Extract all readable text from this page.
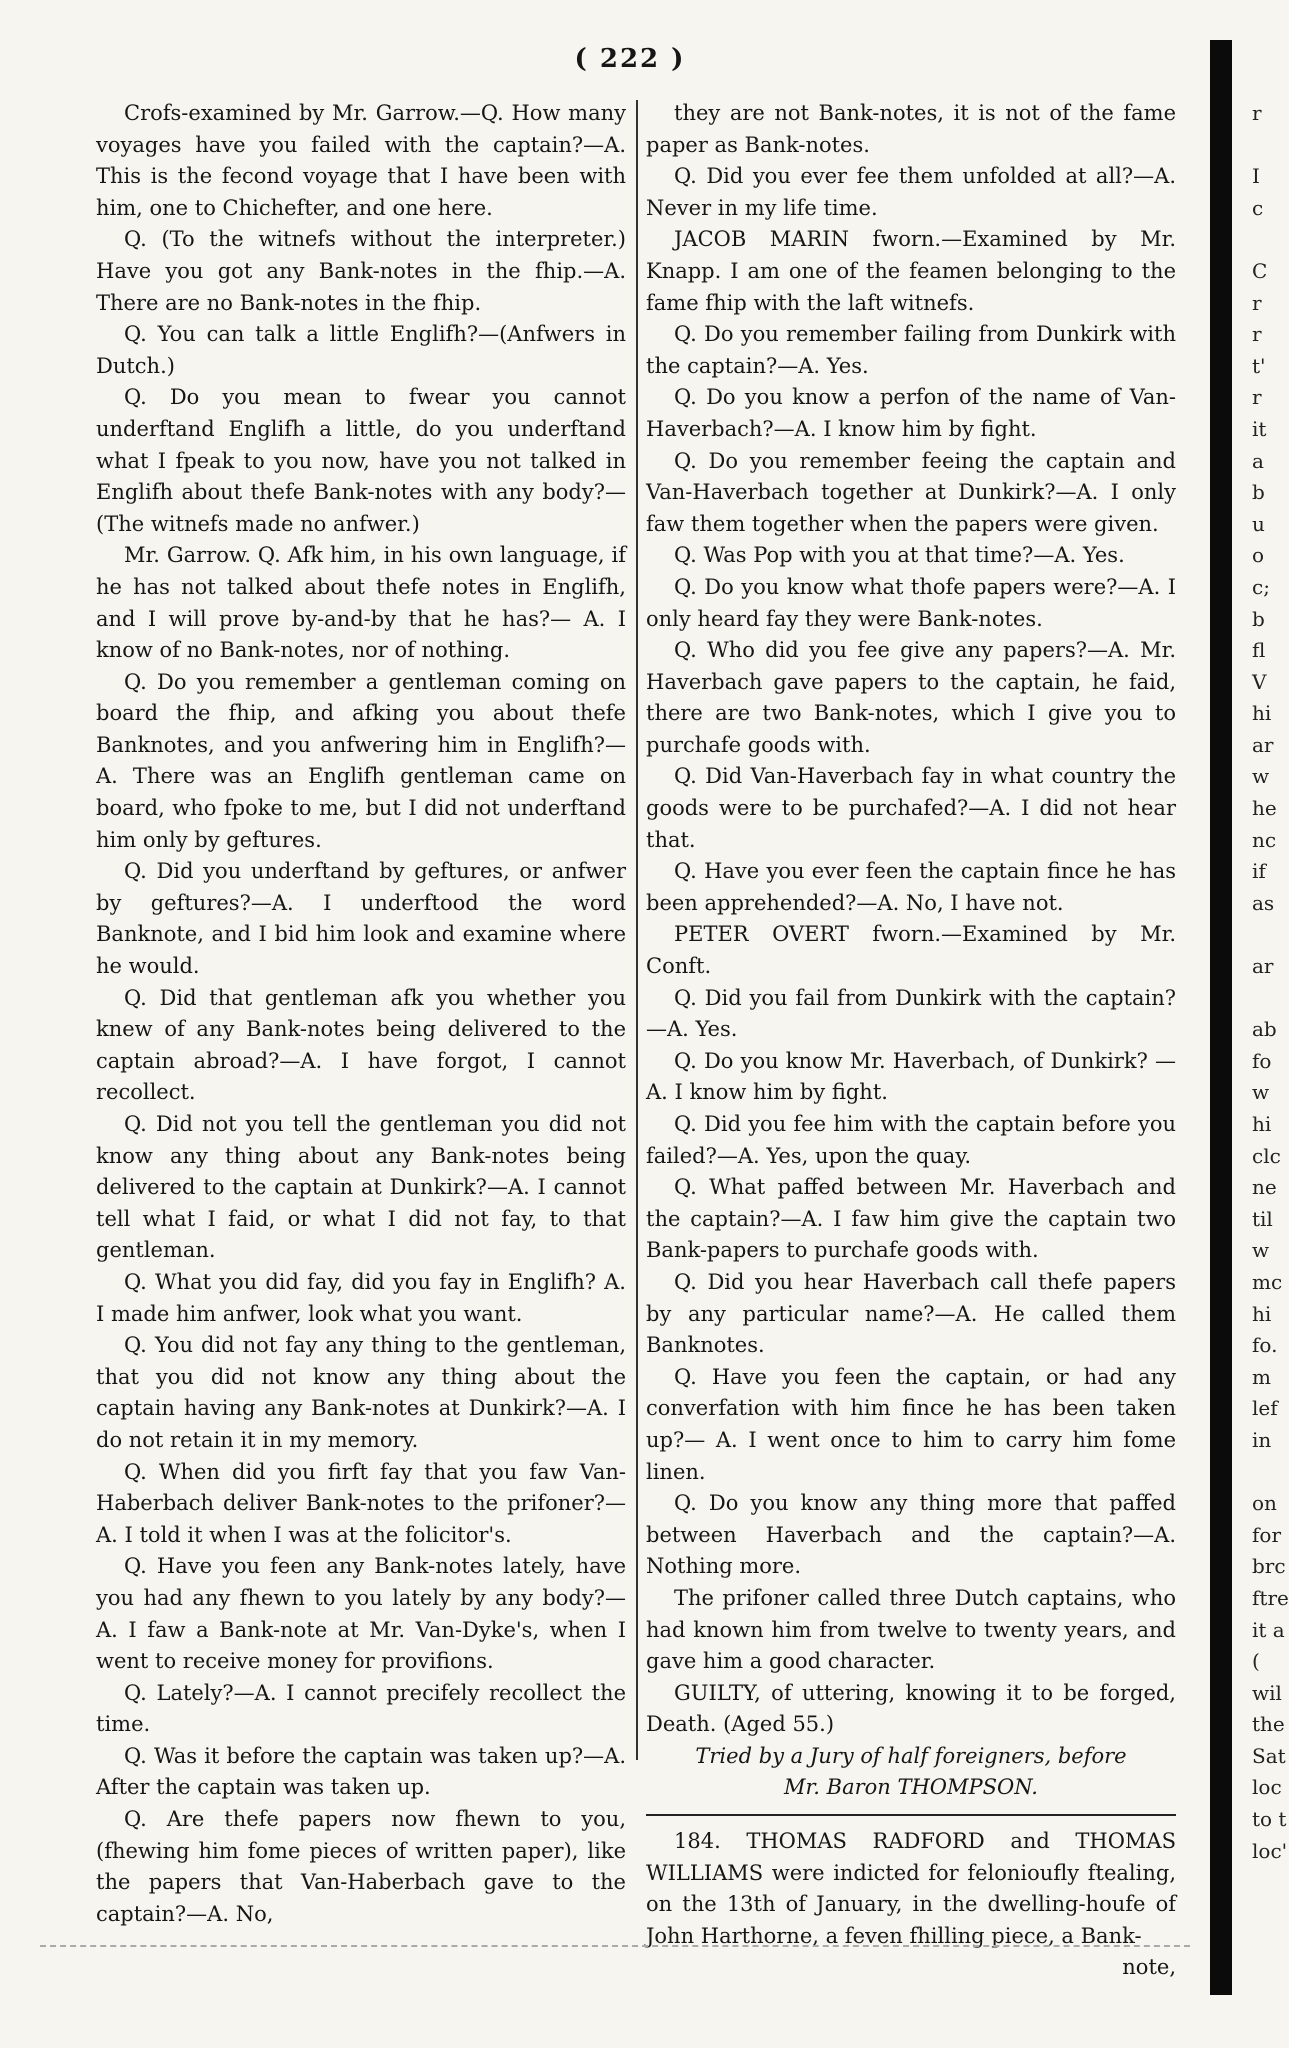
( 222 )

Crofs-examined by Mr. Garrow.—Q. How many voyages have you failed with the captain?—A. This is the fecond voyage that I have been with him, one to Chichefter, and one here.

Q. (To the witnefs without the interpreter.) Have you got any Bank-notes in the fhip.—A. There are no Bank-notes in the fhip.

Q. You can talk a little Englifh?—(Anfwers in Dutch.)

Q. Do you mean to fwear you cannot underftand Englifh a little, do you underftand what I fpeak to you now, have you not talked in Englifh about thefe Bank-notes with any body?—(The witnefs made no anfwer.)

Mr. Garrow. Q. Afk him, in his own language, if he has not talked about thefe notes in Englifh, and I will prove by-and-by that he has?— A. I know of no Bank-notes, nor of nothing.

Q. Do you remember a gentleman coming on board the fhip, and afking you about thefe Banknotes, and you anfwering him in Englifh?—A. There was an Englifh gentleman came on board, who fpoke to me, but I did not underftand him only by geftures.

Q. Did you underftand by geftures, or anfwer by geftures?—A. I underftood the word Banknote, and I bid him look and examine where he would.

Q. Did that gentleman afk you whether you knew of any Bank-notes being delivered to the captain abroad?—A. I have forgot, I cannot recollect.

Q. Did not you tell the gentleman you did not know any thing about any Bank-notes being delivered to the captain at Dunkirk?—A. I cannot tell what I faid, or what I did not fay, to that gentleman.

Q. What you did fay, did you fay in Englifh? A. I made him anfwer, look what you want.

Q. You did not fay any thing to the gentleman, that you did not know any thing about the captain having any Bank-notes at Dunkirk?—A. I do not retain it in my memory.

Q. When did you firft fay that you faw Van-Haberbach deliver Bank-notes to the prifoner?—A. I told it when I was at the folicitor's.

Q. Have you feen any Bank-notes lately, have you had any fhewn to you lately by any body?— A. I faw a Bank-note at Mr. Van-Dyke's, when I went to receive money for provifions.

Q. Lately?—A. I cannot precifely recollect the time.

Q. Was it before the captain was taken up?—A. After the captain was taken up.

Q. Are thefe papers now fhewn to you, (fhewing him fome pieces of written paper), like the papers that Van-Haberbach gave to the captain?—A. No,

they are not Bank-notes, it is not of the fame paper as Bank-notes.

Q. Did you ever fee them unfolded at all?—A. Never in my life time.

JACOB MARIN fworn.—Examined by Mr. Knapp. I am one of the feamen belonging to the fame fhip with the laft witnefs.

Q. Do you remember failing from Dunkirk with the captain?—A. Yes.

Q. Do you know a perfon of the name of Van-Haverbach?—A. I know him by fight.

Q. Do you remember feeing the captain and Van-Haverbach together at Dunkirk?—A. I only faw them together when the papers were given.

Q. Was Pop with you at that time?—A. Yes.

Q. Do you know what thofe papers were?—A. I only heard fay they were Bank-notes.

Q. Who did you fee give any papers?—A. Mr. Haverbach gave papers to the captain, he faid, there are two Bank-notes, which I give you to purchafe goods with.

Q. Did Van-Haverbach fay in what country the goods were to be purchafed?—A. I did not hear that.

Q. Have you ever feen the captain fince he has been apprehended?—A. No, I have not.

PETER OVERT fworn.—Examined by Mr. Conft.

Q. Did you fail from Dunkirk with the captain? —A. Yes.

Q. Do you know Mr. Haverbach, of Dunkirk? —A. I know him by fight.

Q. Did you fee him with the captain before you failed?—A. Yes, upon the quay.

Q. What paffed between Mr. Haverbach and the captain?—A. I faw him give the captain two Bank-papers to purchafe goods with.

Q. Did you hear Haverbach call thefe papers by any particular name?—A. He called them Banknotes.

Q. Have you feen the captain, or had any converfation with him fince he has been taken up?— A. I went once to him to carry him fome linen.

Q. Do you know any thing more that paffed between Haverbach and the captain?—A. Nothing more.

The prifoner called three Dutch captains, who had known him from twelve to twenty years, and gave him a good character.

GUILTY, of uttering, knowing it to be forged, Death. (Aged 55.)

Tried by a Jury of half foreigners, before

Mr. Baron THOMPSON.

184. THOMAS RADFORD and THOMAS WILLIAMS were indicted for felonioufly ftealing, on the 13th of January, in the dwelling-houfe of John Harthorne, a feven fhilling piece, a Bank-

note,

r
I
c
C
r
r
t'
r
it
a
b
u
o
c;
b
fl
V
hi
ar
w
he
nc
if
as
ar
ab
fo
w
hi
clc
ne
til
w
mc
hi
fo.
m
lef
in
on
for
brc
ftre
it a
(
wil
the
Sat
loc
to t
loc'
